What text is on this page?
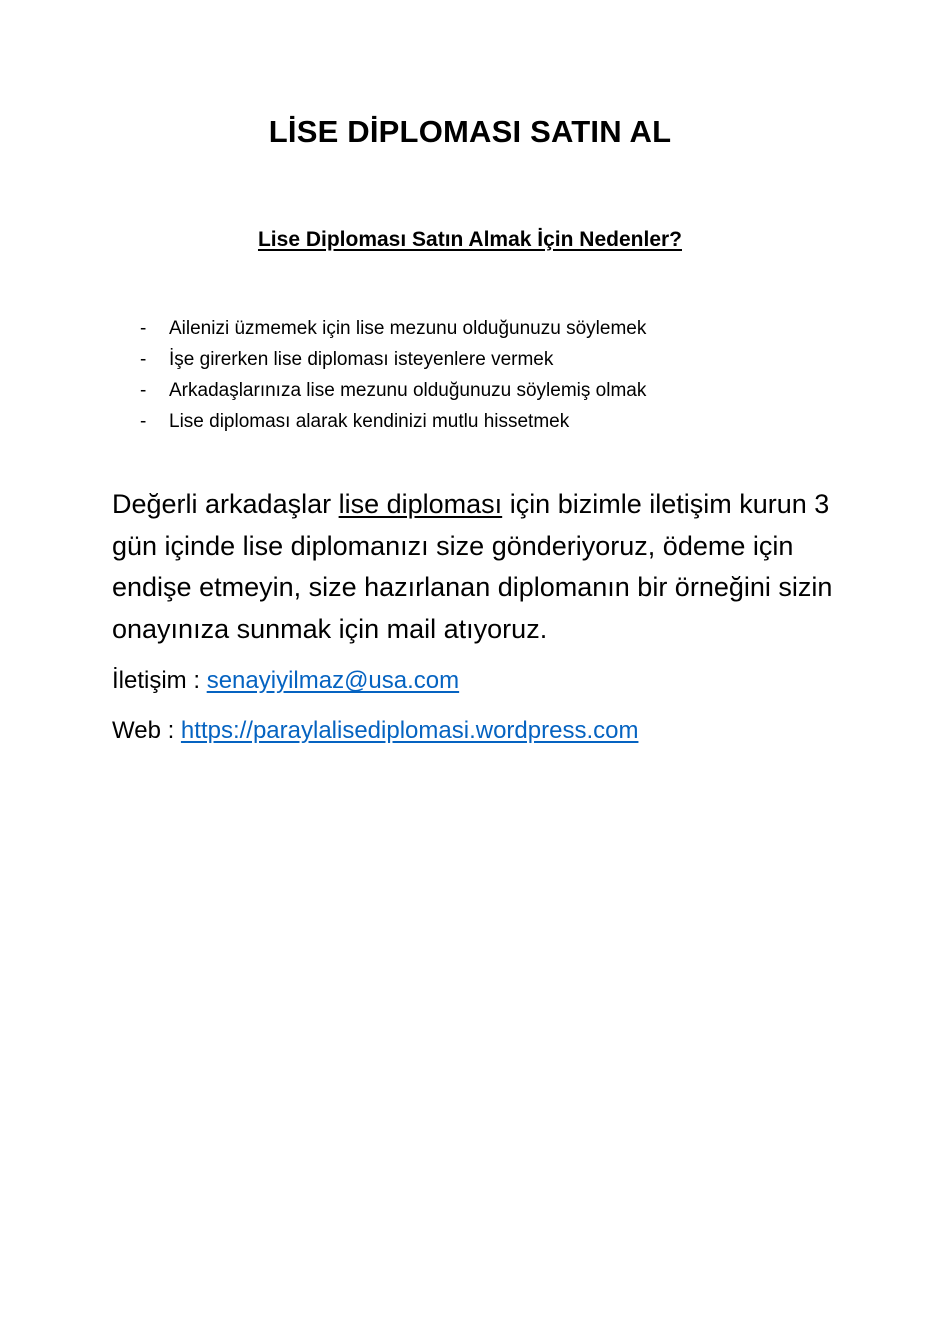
LİSE DİPLOMASI SATIN AL
Lise Diploması Satın Almak İçin Nedenler?
- Ailenizi üzmemek için lise mezunu olduğunuzu söylemek
- İşe girerken lise diploması isteyenlere vermek
- Arkadaşlarınıza lise mezunu olduğunuzu söylemiş olmak
- Lise diploması alarak kendinizi mutlu hissetmek

Değerli arkadaşlar lise diploması için bizimle iletişim kurun 3 gün içinde lise diplomanızı size gönderiyoruz, ödeme için endişe etmeyin, size hazırlanan diplomanın bir örneğini sizin onayınıza sunmak için mail atıyoruz.

İletişim : senayiyilmaz@usa.com

Web : https://paraylalisediplomasi.wordpress.com
